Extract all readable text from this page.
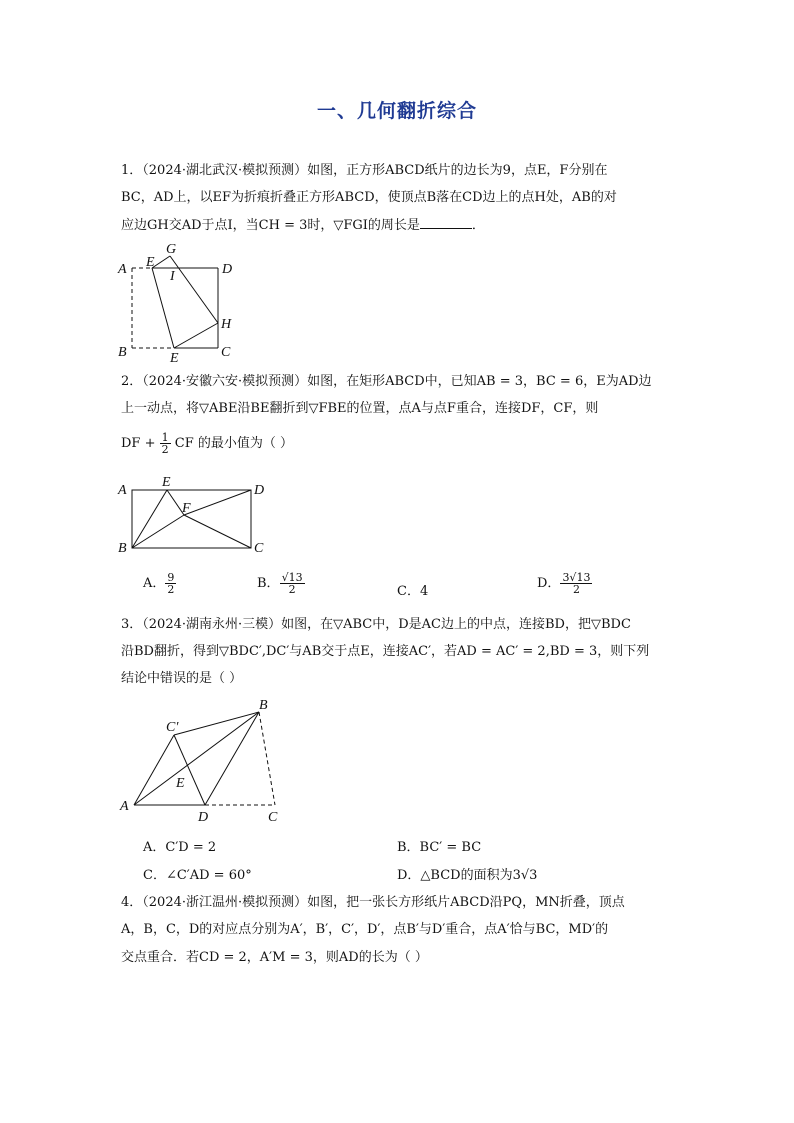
一、几何翻折综合
1．（2024·湖北武汉·模拟预测）如图，正方形ABCD纸片的边长为9，点E，F分别在
BC，AD上，以EF为折痕折叠正方形ABCD，使顶点B落在CD边上的点H处，AB的对
应边GH交AD于点I，当CH = 3时，▽FGI的周长是	．
A
B
E
G
I	D
H
C
E
2．（2024·安徽六安·模拟预测）如图，在矩形ABCD中，已知AB = 3，BC = 6，E为AD边
上一动点，将▽ABE沿BE翻折到▽FBE的位置，点A与点F重合，连接DF，CF，则
DF + $\frac{1}{2}$ CF 的最小值为（ ）
A
E
D
F
B	C
A． $\frac{9}{2}$	B． $\frac{√13}{2}$	C．4
D． $\frac{3√13}{2}$
3．（2024·湖南永州·三模）如图，在▽ABC中，D是AC边上的中点，连接BD，把▽BDC
沿BD翻折，得到▽BDC′,DC′与AB交于点E，连接AC′，若AD = AC′ = 2,BD = 3，则下列
结论中错误的是（ ）
B
C′
E
A
D	C
A．C′D = 2	B．BC′ = BC
C．∠C′AD = 60°	D．△BCD的面积为3√3
4．（2024·浙江温州·模拟预测）如图，把一张长方形纸片ABCD沿PQ，MN折叠，顶点
A，B，C，D的对应点分别为A′，B′，C′，D′，点B′与D′重合，点A′恰与BC，MD′的
交点重合．若CD = 2，A′M = 3，则AD的长为（ ）
